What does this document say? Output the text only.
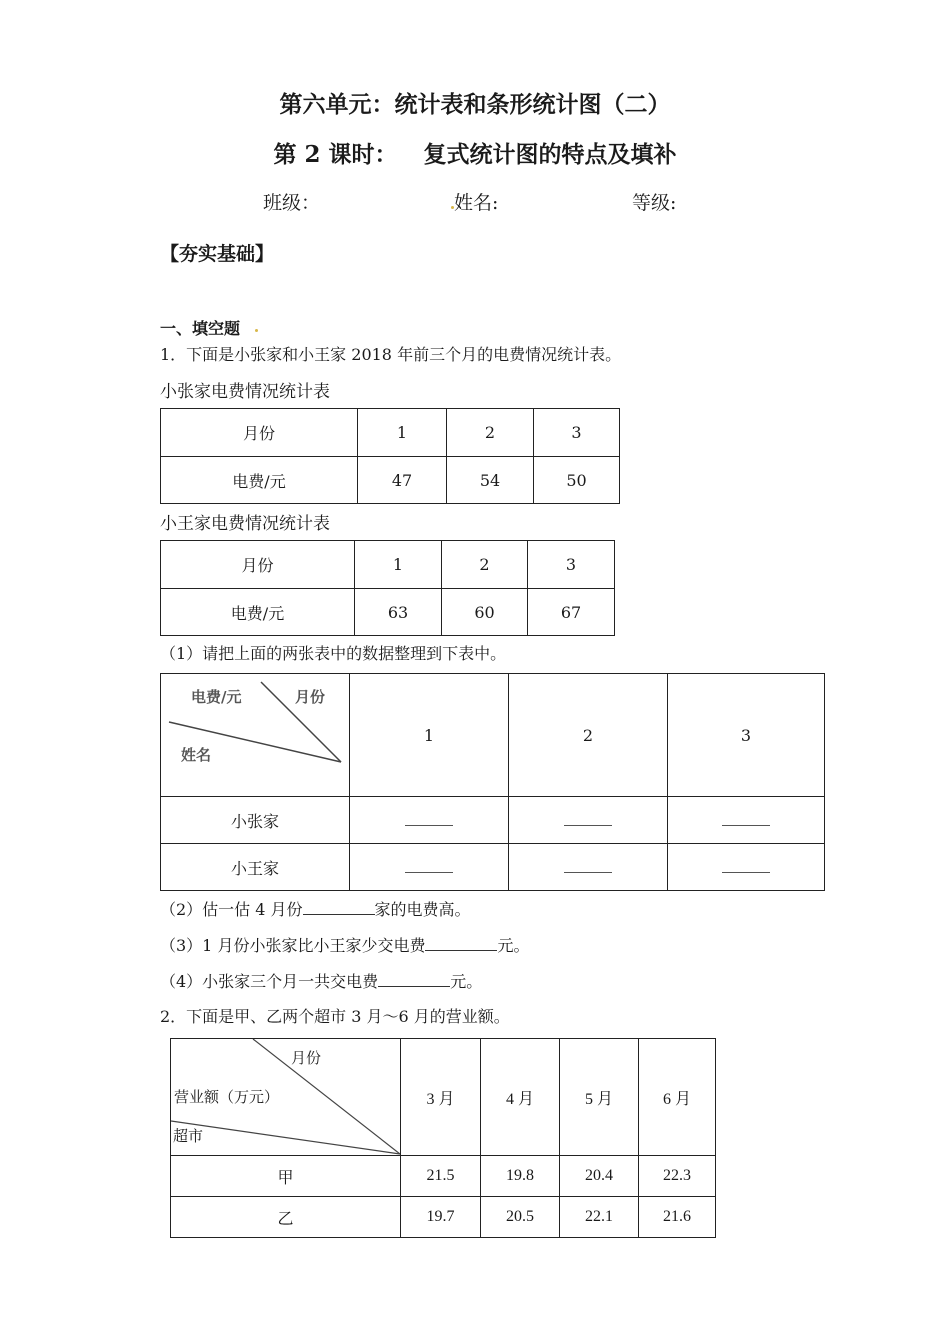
第六单元：统计表和条形统计图（二）
第 2 课时： 复式统计图的特点及填补
班级：	姓名:	等级:
【夯实基础】
一、填空题
1．下面是小张家和小王家 2018 年前三个月的电费情况统计表。
小张家电费情况统计表
月份	1	2	3
电费/元	47	54	50
小王家电费情况统计表
月份	1	2	3
电费/元	63	60	67
（1）请把上面的两张表中的数据整理到下表中。
电费/元 月份
姓名	1	2	3
小张家			
小王家			
（2）估一估 4 月份	家的电费高。
（3）1 月份小张家比小王家少交电费	元。
（4）小张家三个月一共交电费	元。
2．下面是甲、乙两个超市 3 月～6 月的营业额。
月份
营业额（万元）
超市	3 月	4 月	5 月	6 月
甲	21.5	19.8	20.4	22.3
乙	19.7	20.5	22.1	21.6
